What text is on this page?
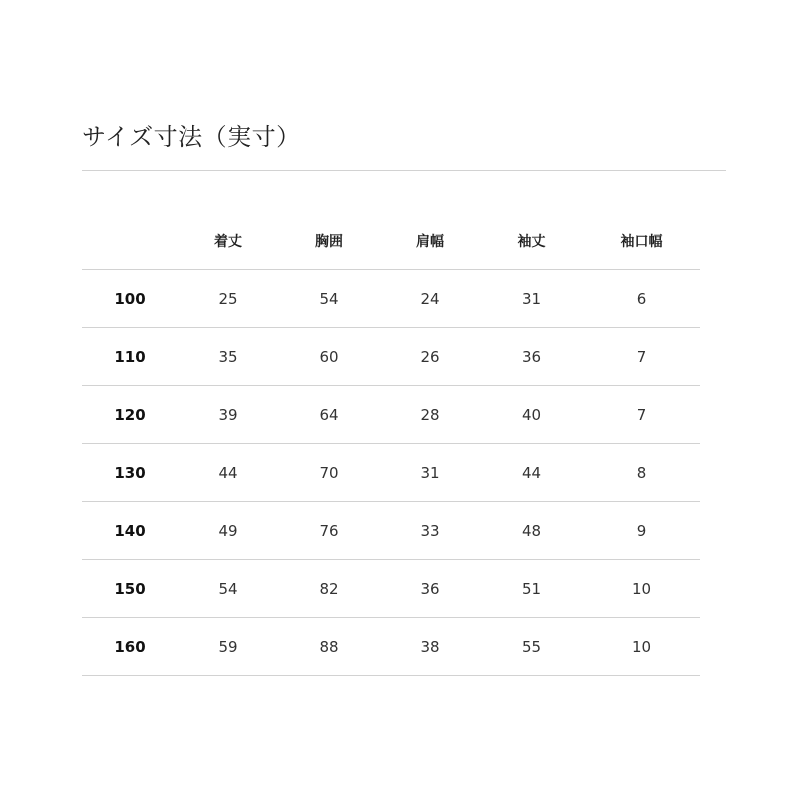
サイズ寸法（実寸）
	着丈	胸囲	肩幅	袖丈	袖口幅
100	25	54	24	31	6
110	35	60	26	36	7
120	39	64	28	40	7
130	44	70	31	44	8
140	49	76	33	48	9
150	54	82	36	51	10
160	59	88	38	55	10
